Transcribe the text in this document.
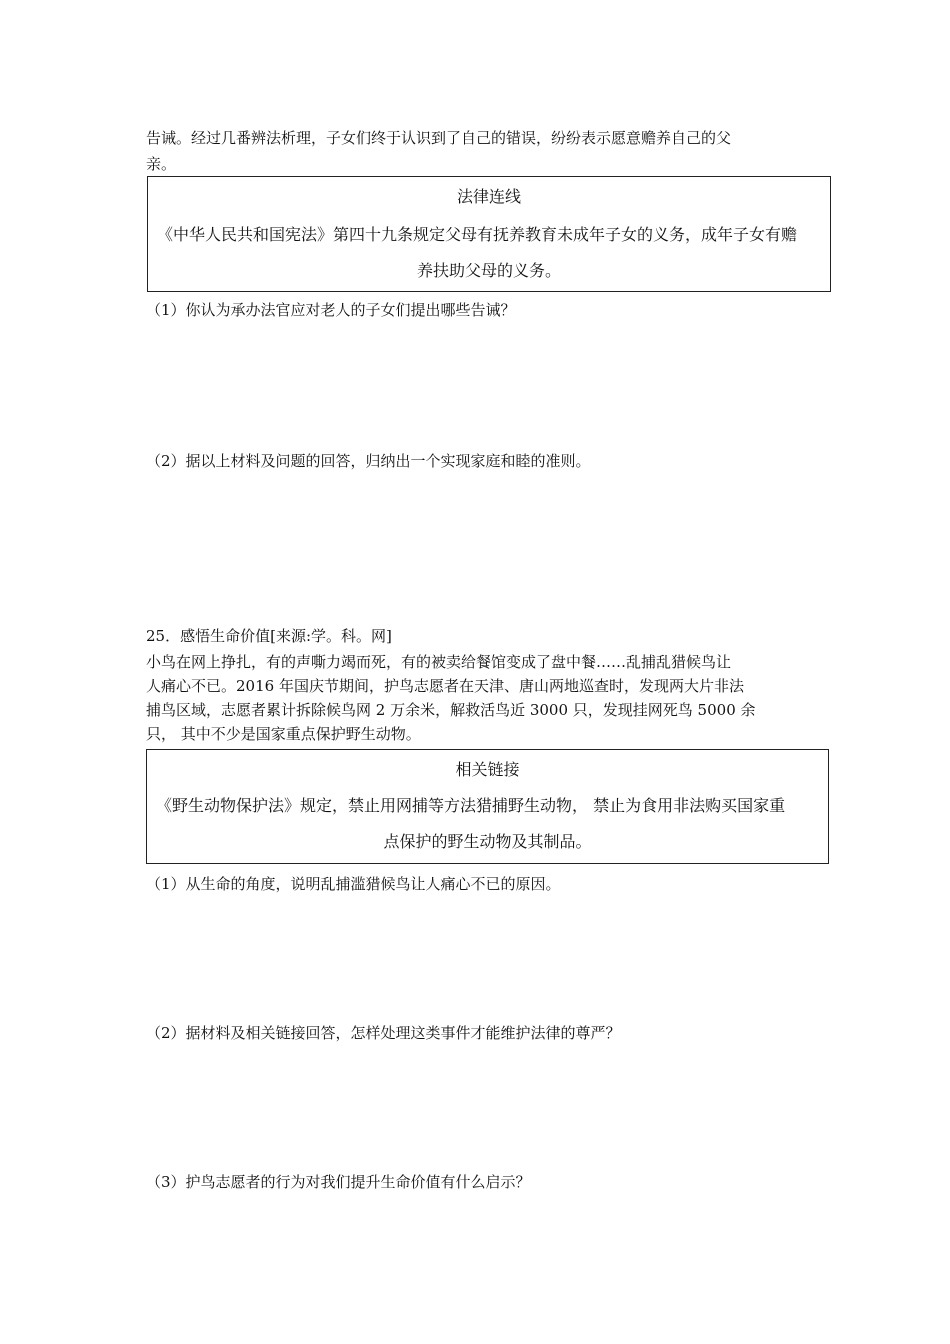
告诫。经过几番辨法析理，子女们终于认识到了自己的错误，纷纷表示愿意赡养自己的父
亲。
法律连线
《中华人民共和国宪法》第四十九条规定父母有抚养教育未成年子女的义务，成年子女有赡
养扶助父母的义务。
（1）你认为承办法官应对老人的子女们提出哪些告诫？
（2）据以上材料及问题的回答，归纳出一个实现家庭和睦的准则。
25．感悟生命价值[来源:学。科。网]
小鸟在网上挣扎，有的声嘶力竭而死，有的被卖给餐馆变成了盘中餐……乱捕乱猎候鸟让
人痛心不已。2016 年国庆节期间，护鸟志愿者在天津、唐山两地巡查时，发现两大片非法
捕鸟区域，志愿者累计拆除候鸟网 2 万余米，解救活鸟近 3000 只，发现挂网死鸟 5000 余
只， 其中不少是国家重点保护野生动物。
相关链接
《野生动物保护法》规定，禁止用网捕等方法猎捕野生动物， 禁止为食用非法购买国家重
点保护的野生动物及其制品。
（1）从生命的角度，说明乱捕滥猎候鸟让人痛心不已的原因。
（2）据材料及相关链接回答，怎样处理这类事件才能维护法律的尊严？
（3）护鸟志愿者的行为对我们提升生命价值有什么启示？
